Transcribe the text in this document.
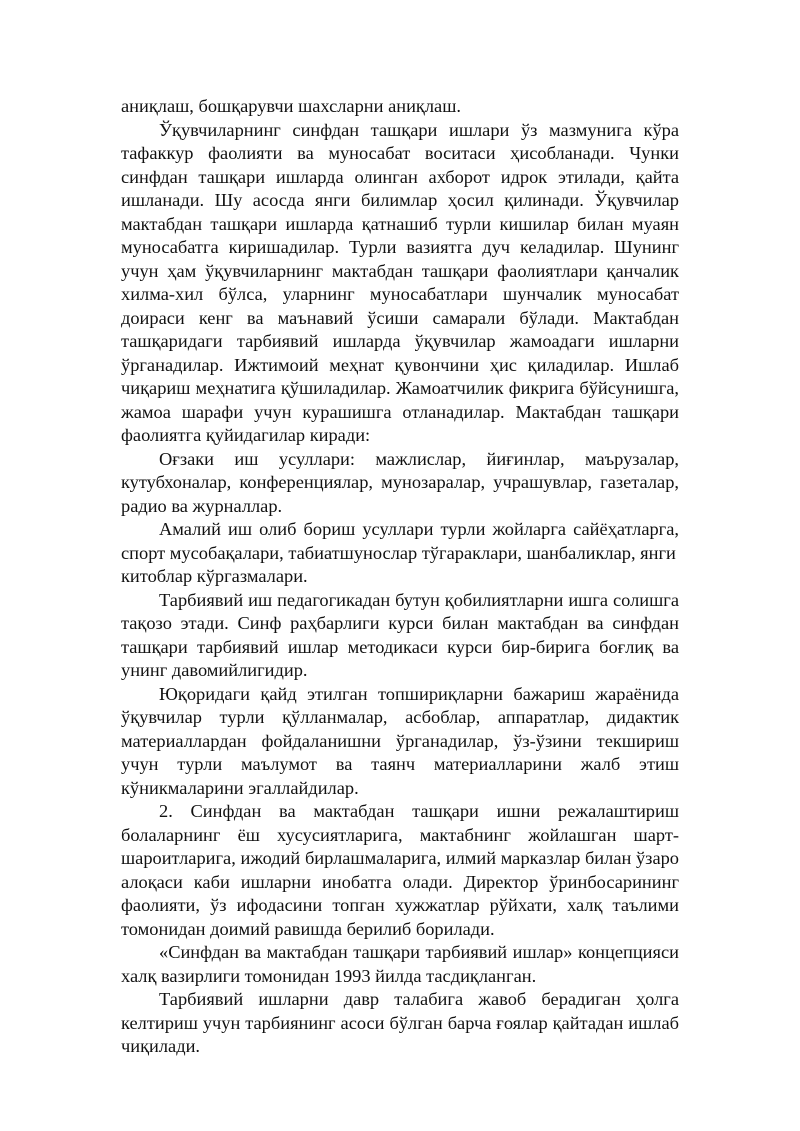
аниқлаш, бошқарувчи шахсларни аниқлаш.

Ўқувчиларнинг синфдан ташқари ишлари ўз мазмунига кўра тафаккур фаолияти ва муносабат воситаси ҳисобланади. Чунки синфдан ташқари ишларда олинган ахборот идрок этилади, қайта ишланади. Шу асосда янги билимлар ҳосил қилинади. Ўқувчилар мактабдан ташқари ишларда қатнашиб турли кишилар билан муаян муносабатга киришадилар. Турли вазиятга дуч келадилар. Шунинг учун ҳам ўқувчиларнинг мактабдан ташқари фаолиятлари қанчалик хилма-хил бўлса, уларнинг муносабатлари шунчалик муносабат доираси кенг ва маънавий ўсиши самарали бўлади. Мактабдан ташқаридаги тарбиявий ишларда ўқувчилар жамоадаги ишларни ўрганадилар. Ижтимоий меҳнат қувончини ҳис қиладилар. Ишлаб чиқариш меҳнатига қўшиладилар. Жамоатчилик фикрига бўйсунишга, жамоа шарафи учун курашишга отланадилар. Мактабдан ташқари фаолиятга қуйидагилар киради:

Оғзаки иш усуллари: мажлислар, йиғинлар, маърузалар, кутубхоналар, конференциялар, мунозаралар, учрашувлар, газеталар, радио ва журналлар.

Амалий иш олиб бориш усуллари турли жойларга сайёҳатларга, спорт мусобақалари, табиатшунослар тўгараклари, шанбаликлар, янги

китоблар кўргазмалари.

Тарбиявий иш педагогикадан бутун қобилиятларни ишга солишга тақозо этади. Синф раҳбарлиги курси билан мактабдан ва синфдан ташқари тарбиявий ишлар методикаси курси бир-бирига боғлиқ ва унинг давомийлигидир.

Юқоридаги қайд этилган топшириқларни бажариш жараёнида ўқувчилар турли қўлланмалар, асбоблар, аппаратлар, дидактик материаллардан фойдаланишни ўрганадилар, ўз-ўзини текшириш учун турли маълумот ва таянч материалларини жалб этиш кўникмаларини эгаллайдилар.

2. Синфдан ва мактабдан ташқари ишни режалаштириш болаларнинг ёш хусусиятларига, мактабнинг жойлашган шарт-шароитларига, ижодий бирлашмаларига, илмий марказлар билан ўзаро алоқаси каби ишларни инобатга олади. Директор ўринбосарининг фаолияти, ўз ифодасини топган хужжатлар рўйхати, халқ таълими томонидан доимий равишда берилиб борилади.

«Синфдан ва мактабдан ташқари тарбиявий ишлар» концепцияси халқ вазирлиги томонидан 1993 йилда тасдиқланган.

Тарбиявий ишларни давр талабига жавоб берадиган ҳолга келтириш учун тарбиянинг асоси бўлган барча ғоялар қайтадан ишлаб чиқилади.
